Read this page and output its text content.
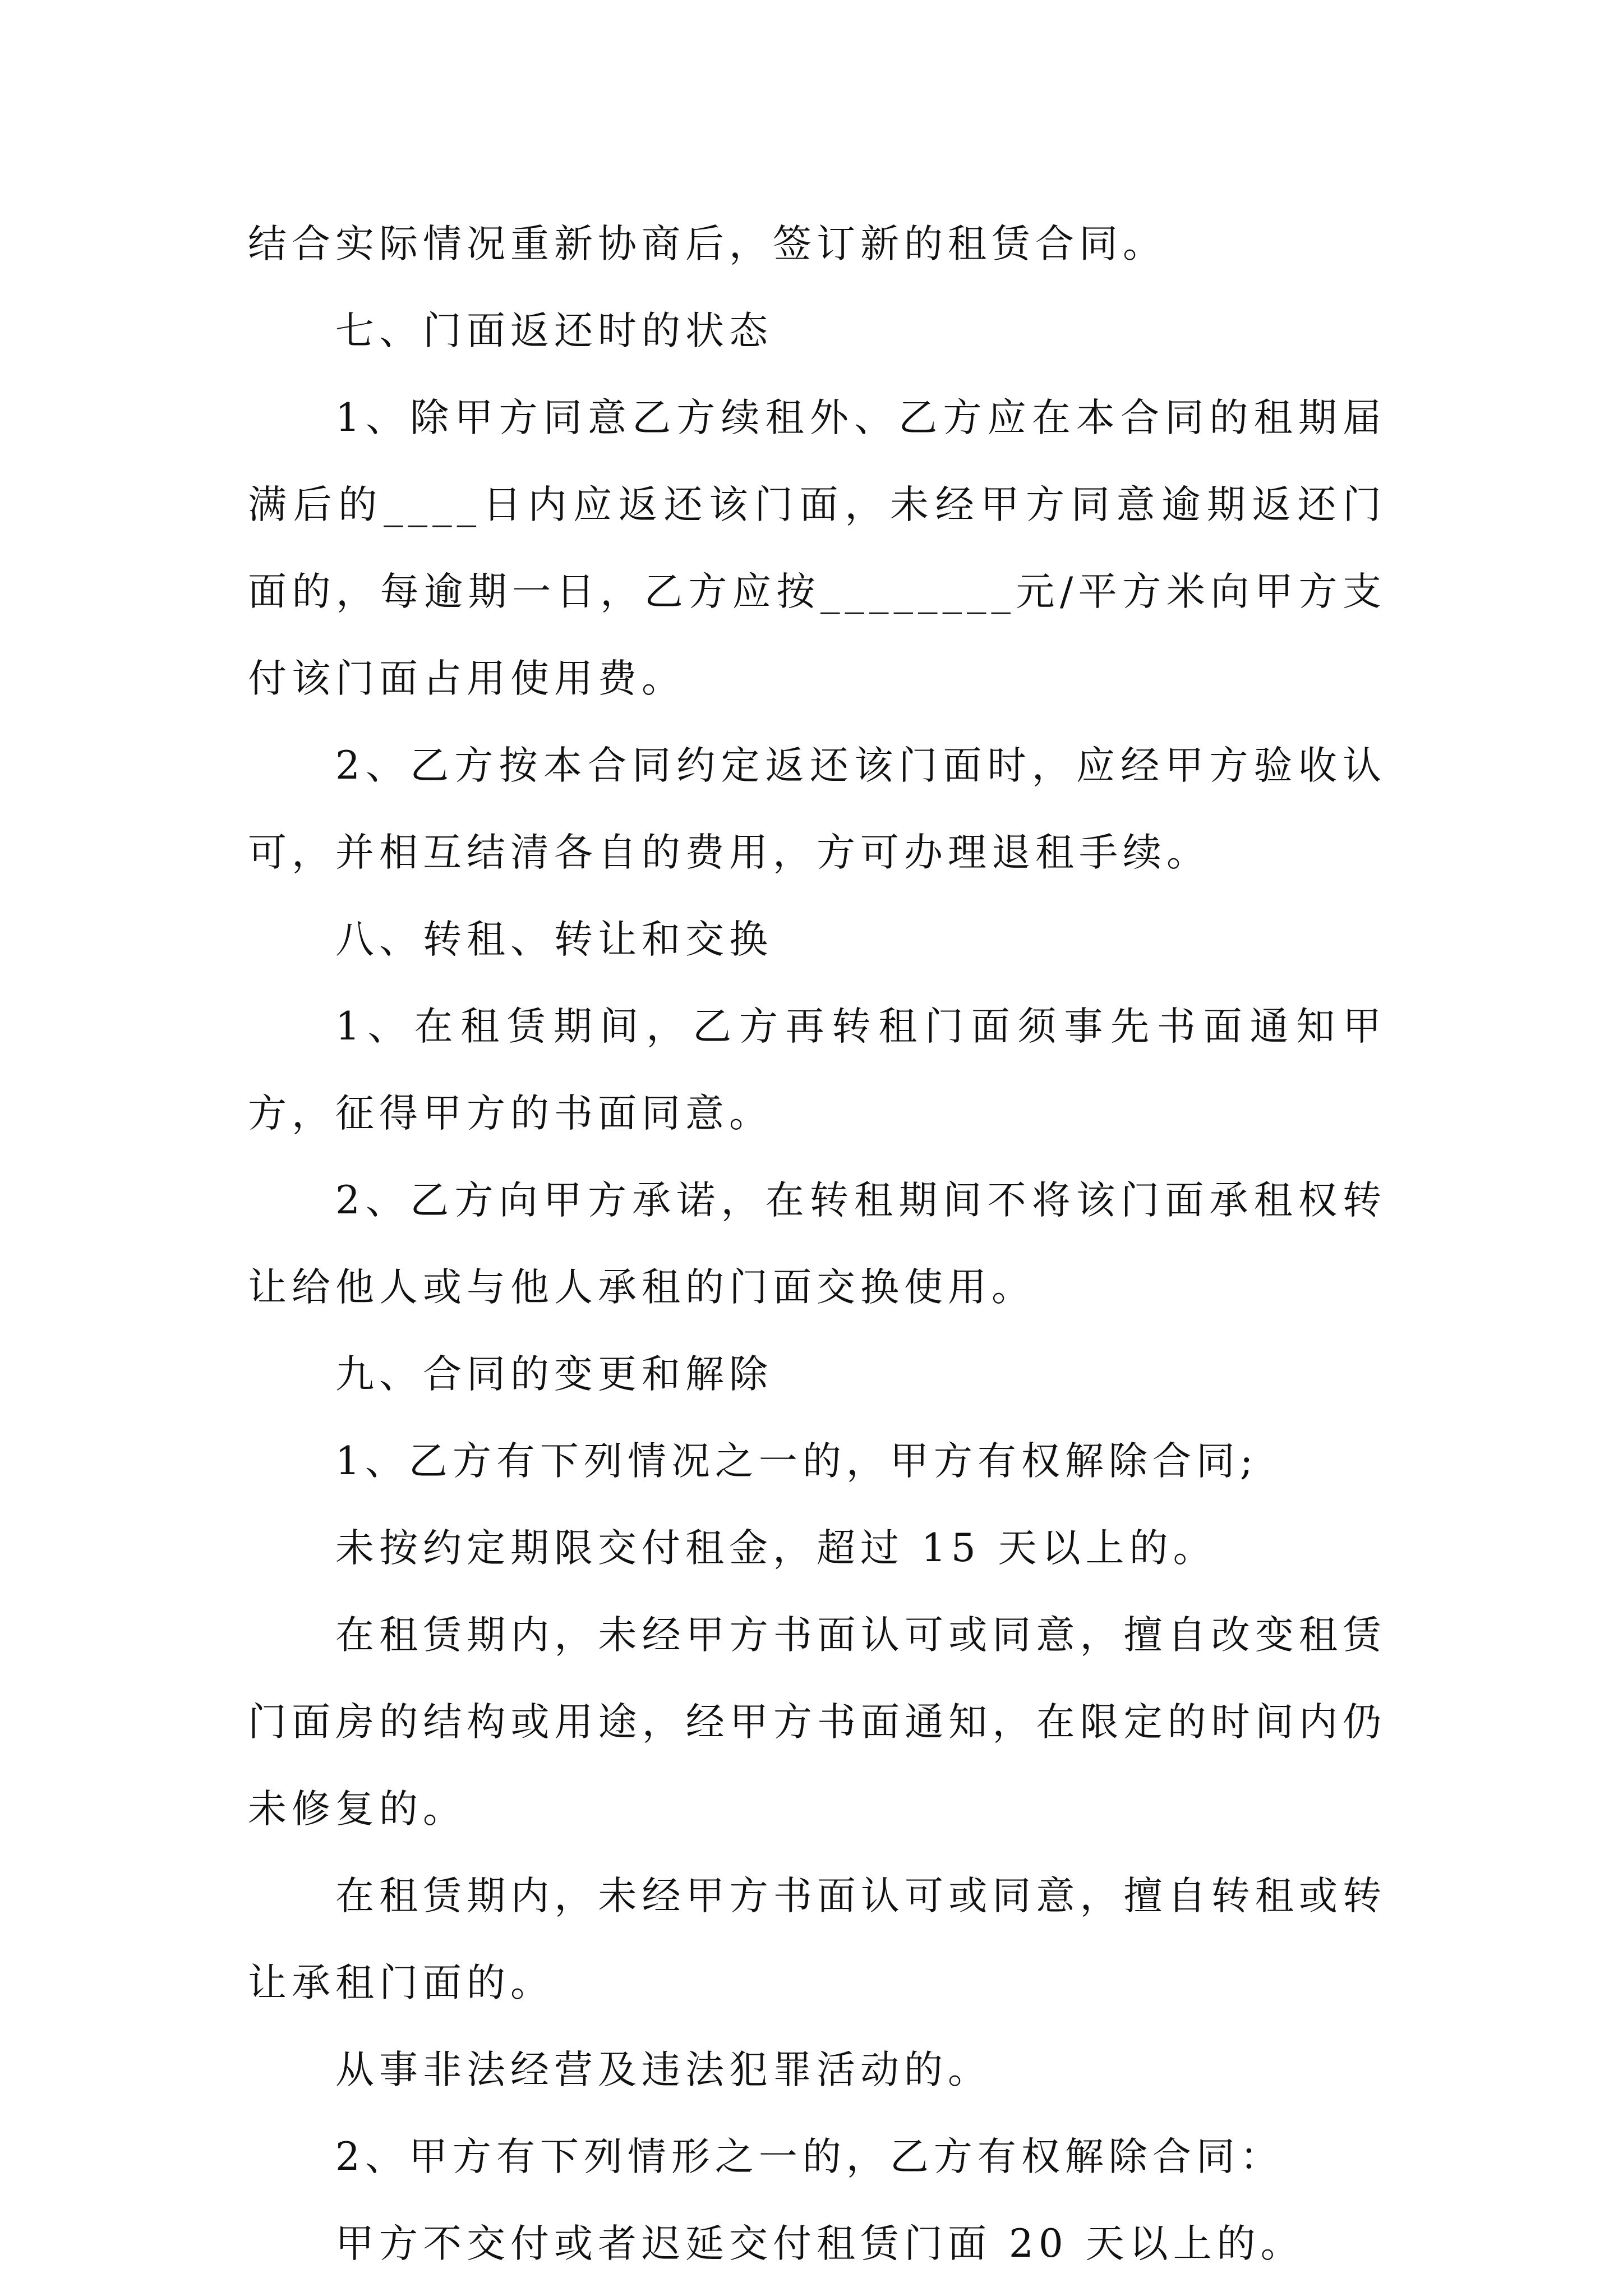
结合实际情况重新协商后，签订新的租赁合同。

七、门面返还时的状态

1、除甲方同意乙方续租外、乙方应在本合同的租期届满后的____日内应返还该门面，未经甲方同意逾期返还门面的，每逾期一日，乙方应按________元/平方米向甲方支付该门面占用使用费。

2、乙方按本合同约定返还该门面时，应经甲方验收认可，并相互结清各自的费用，方可办理退租手续。

八、转租、转让和交换

1、在租赁期间，乙方再转租门面须事先书面通知甲方，征得甲方的书面同意。

2、乙方向甲方承诺，在转租期间不将该门面承租权转让给他人或与他人承租的门面交换使用。

九、合同的变更和解除

1、乙方有下列情况之一的，甲方有权解除合同;

未按约定期限交付租金，超过 15 天以上的。

在租赁期内，未经甲方书面认可或同意，擅自改变租赁门面房的结构或用途，经甲方书面通知，在限定的时间内仍未修复的。

在租赁期内，未经甲方书面认可或同意，擅自转租或转让承租门面的。

从事非法经营及违法犯罪活动的。

2、甲方有下列情形之一的，乙方有权解除合同：

甲方不交付或者迟延交付租赁门面 20 天以上的。
